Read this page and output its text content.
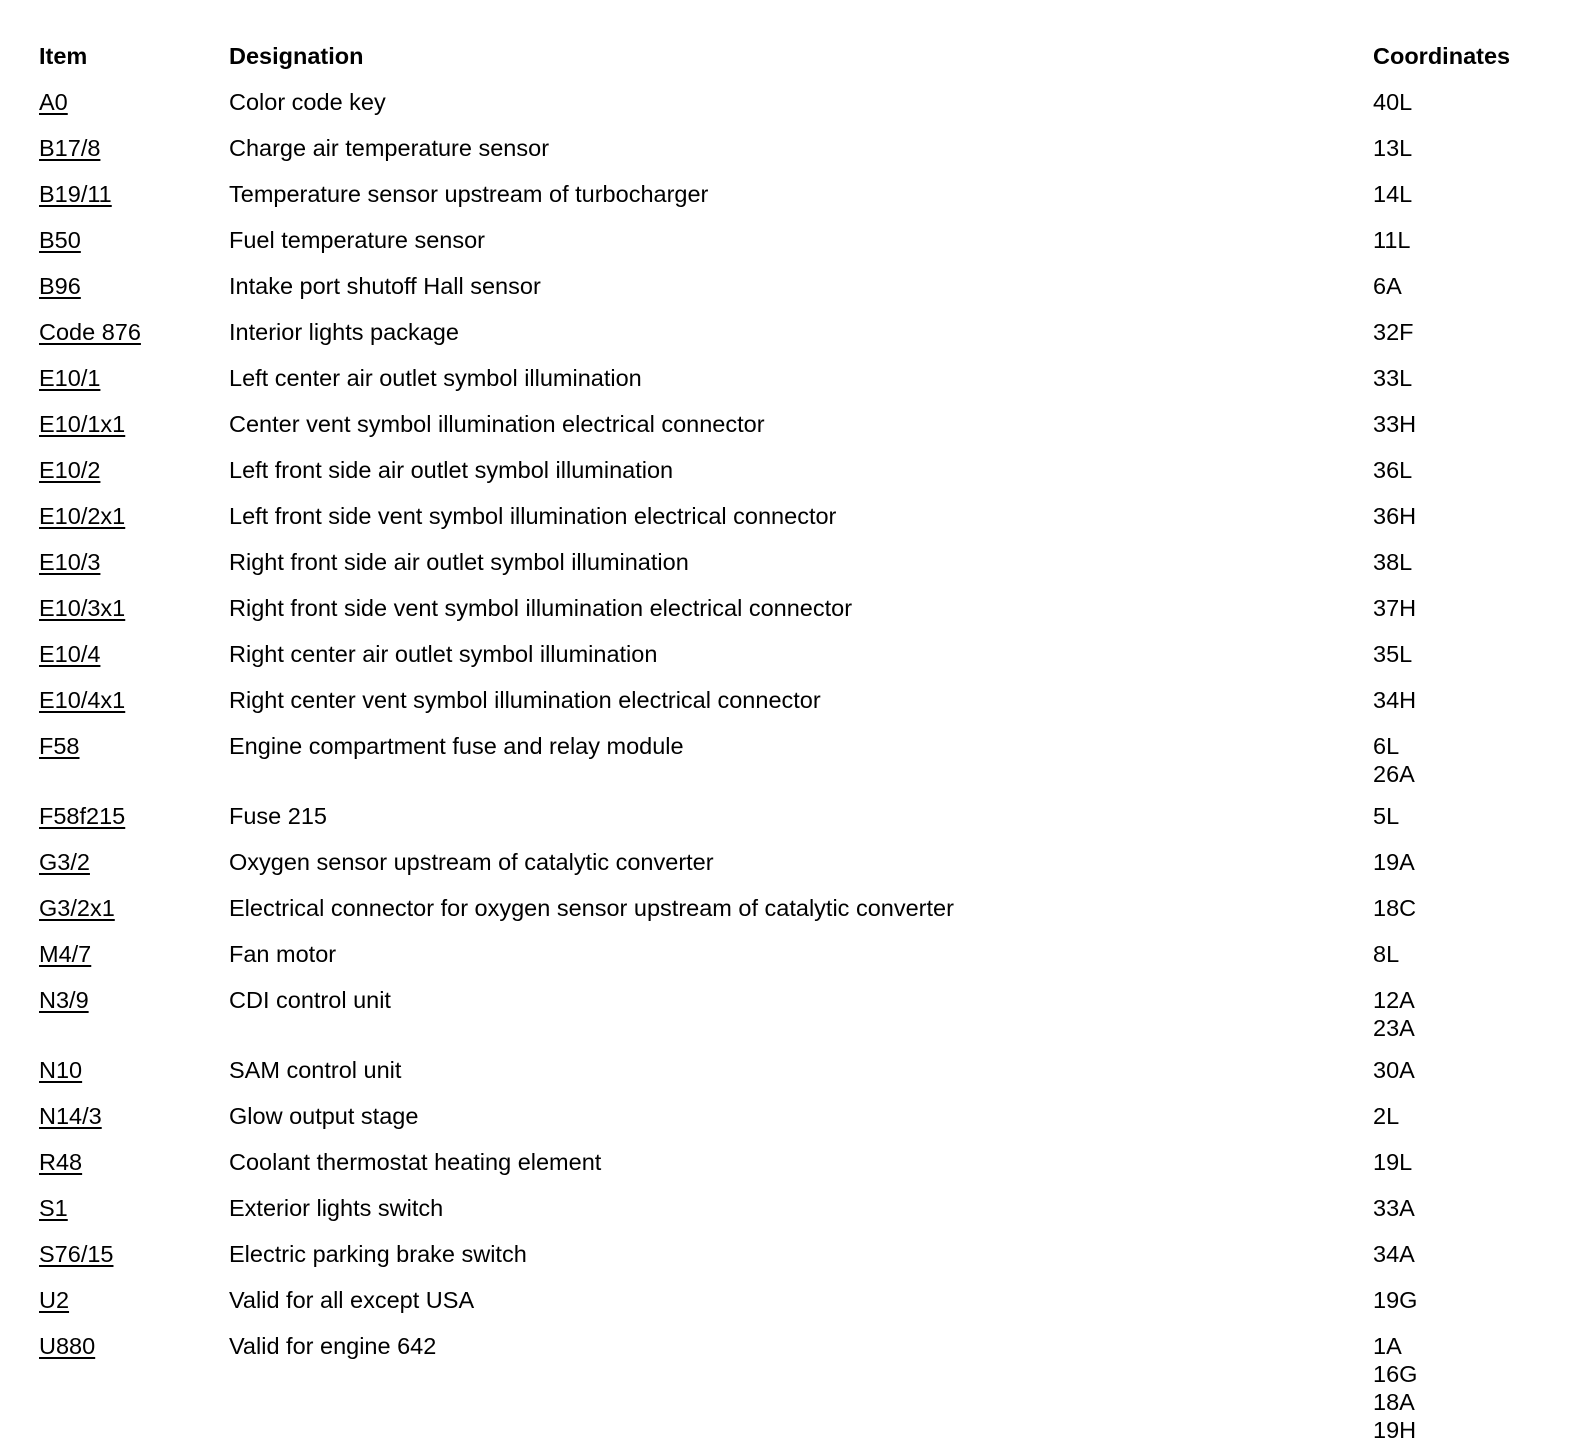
Item	Designation	Coordinates
A0	Color code key	40L
B17/8	Charge air temperature sensor	13L
B19/11	Temperature sensor upstream of turbocharger	14L
B50	Fuel temperature sensor	11L
B96	Intake port shutoff Hall sensor	6A
Code 876	Interior lights package	32F
E10/1	Left center air outlet symbol illumination	33L
E10/1x1	Center vent symbol illumination electrical connector	33H
E10/2	Left front side air outlet symbol illumination	36L
E10/2x1	Left front side vent symbol illumination electrical connector	36H
E10/3	Right front side air outlet symbol illumination	38L
E10/3x1	Right front side vent symbol illumination electrical connector	37H
E10/4	Right center air outlet symbol illumination	35L
E10/4x1	Right center vent symbol illumination electrical connector	34H
F58	Engine compartment fuse and relay module	6L
26A
F58f215	Fuse 215	5L
G3/2	Oxygen sensor upstream of catalytic converter	19A
G3/2x1	Electrical connector for oxygen sensor upstream of catalytic converter	18C
M4/7	Fan motor	8L
N3/9	CDI control unit	12A
23A
N10	SAM control unit	30A
N14/3	Glow output stage	2L
R48	Coolant thermostat heating element	19L
S1	Exterior lights switch	33A
S76/15	Electric parking brake switch	34A
U2	Valid for all except USA	19G
U880	Valid for engine 642	1A
16G
18A
19H
